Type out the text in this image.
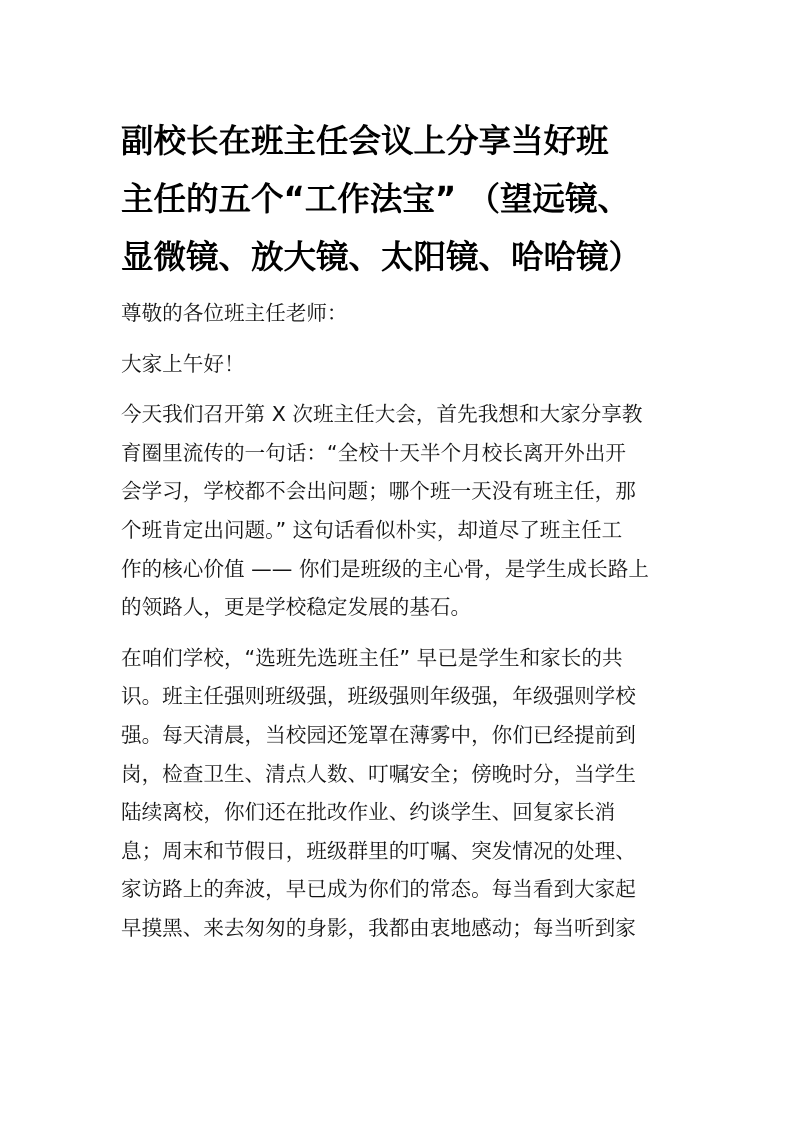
副校长在班主任会议上分享当好班
主任的五个“工作法宝” （望远镜、
显微镜、放大镜、太阳镜、哈哈镜）

尊敬的各位班主任老师：

大家上午好！

今天我们召开第 X 次班主任大会，首先我想和大家分享教
育圈里流传的一句话：“全校十天半个月校长离开外出开
会学习，学校都不会出问题；哪个班一天没有班主任，那
个班肯定出问题。” 这句话看似朴实，却道尽了班主任工
作的核心价值 —— 你们是班级的主心骨，是学生成长路上
的领路人，更是学校稳定发展的基石。

在咱们学校，“选班先选班主任” 早已是学生和家长的共
识。班主任强则班级强，班级强则年级强，年级强则学校
强。每天清晨，当校园还笼罩在薄雾中，你们已经提前到
岗，检查卫生、清点人数、叮嘱安全；傍晚时分，当学生
陆续离校，你们还在批改作业、约谈学生、回复家长消
息；周末和节假日，班级群里的叮嘱、突发情况的处理、
家访路上的奔波，早已成为你们的常态。每当看到大家起
早摸黑、来去匆匆的身影，我都由衷地感动；每当听到家
